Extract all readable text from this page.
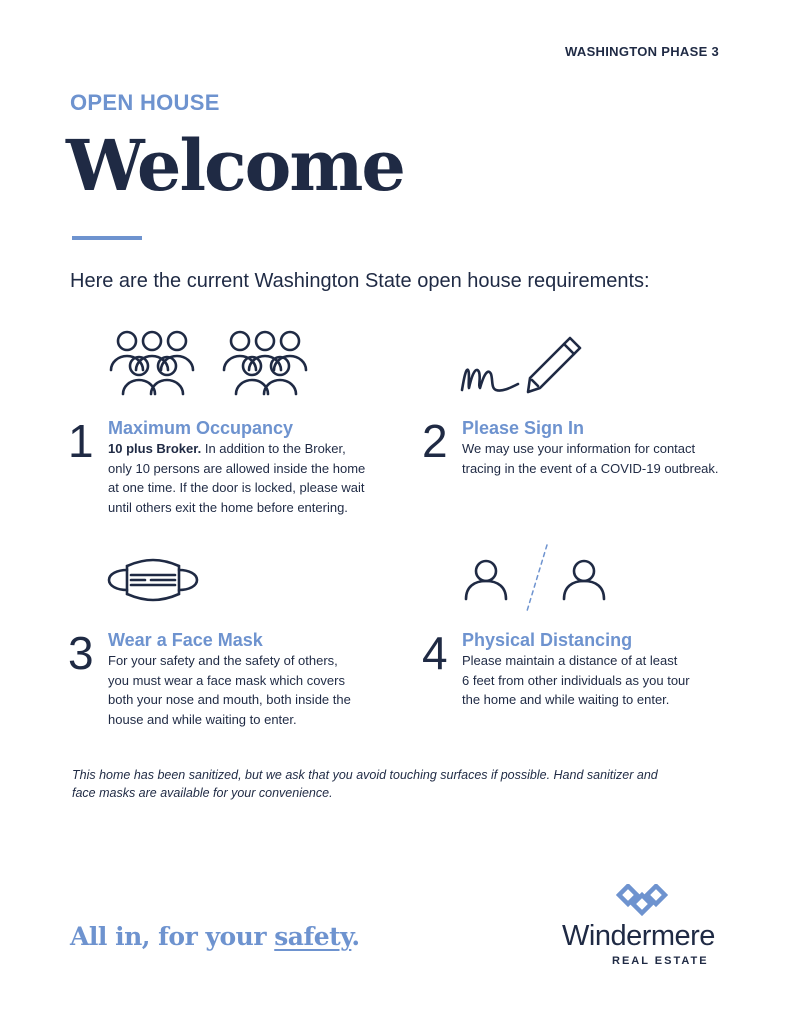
WASHINGTON PHASE 3
OPEN HOUSE
Welcome
Here are the current Washington State open house requirements:
1 Maximum Occupancy
10 plus Broker. In addition to the Broker,
only 10 persons are allowed inside the home
at one time. If the door is locked, please wait
until others exit the home before entering.
2 Please Sign In
We may use your information for contact
tracing in the event of a COVID-19 outbreak.
3 Wear a Face Mask
For your safety and the safety of others,
you must wear a face mask which covers
both your nose and mouth, both inside the
house and while waiting to enter.
4 Physical Distancing
Please maintain a distance of at least
6 feet from other individuals as you tour
the home and while waiting to enter.
This home has been sanitized, but we ask that you avoid touching surfaces if possible. Hand sanitizer and
face masks are available for your convenience.
All in, for your safety.	Windermere
REAL ESTATE
